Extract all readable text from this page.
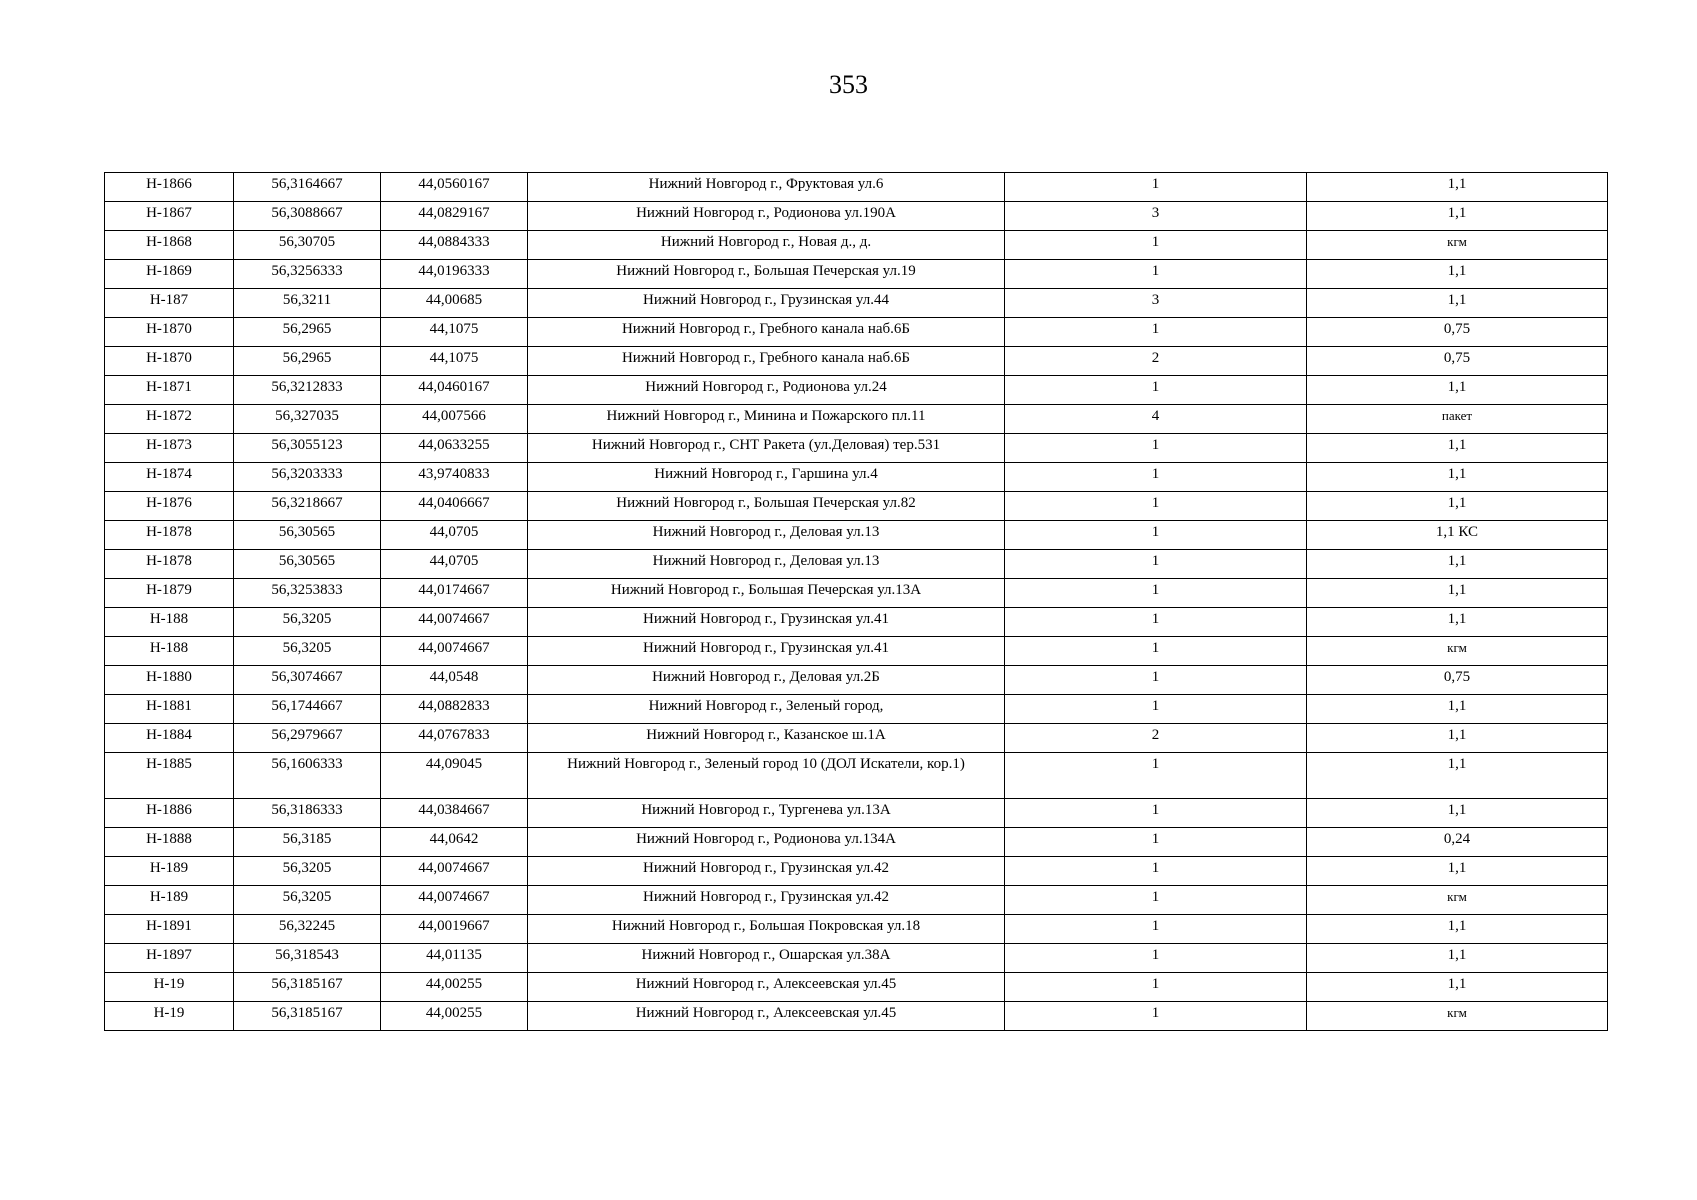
353
Н-1866	56,3164667	44,0560167	Нижний Новгород г., Фруктовая ул.6	1	1,1
Н-1867	56,3088667	44,0829167	Нижний Новгород г., Родионова ул.190А	3	1,1
Н-1868	56,30705	44,0884333	Нижний Новгород г., Новая д., д.	1	кгм
Н-1869	56,3256333	44,0196333	Нижний Новгород г., Большая Печерская ул.19	1	1,1
Н-187	56,3211	44,00685	Нижний Новгород г., Грузинская ул.44	3	1,1
Н-1870	56,2965	44,1075	Нижний Новгород г., Гребного канала наб.6Б	1	0,75
Н-1870	56,2965	44,1075	Нижний Новгород г., Гребного канала наб.6Б	2	0,75
Н-1871	56,3212833	44,0460167	Нижний Новгород г., Родионова ул.24	1	1,1
Н-1872	56,327035	44,007566	Нижний Новгород г., Минина и Пожарского пл.11	4	пакет
Н-1873	56,3055123	44,0633255	Нижний Новгород г., СНТ Ракета (ул.Деловая) тер.531	1	1,1
Н-1874	56,3203333	43,9740833	Нижний Новгород г., Гаршина ул.4	1	1,1
Н-1876	56,3218667	44,0406667	Нижний Новгород г., Большая Печерская ул.82	1	1,1
Н-1878	56,30565	44,0705	Нижний Новгород г., Деловая ул.13	1	1,1 КС
Н-1878	56,30565	44,0705	Нижний Новгород г., Деловая ул.13	1	1,1
Н-1879	56,3253833	44,0174667	Нижний Новгород г., Большая Печерская ул.13А	1	1,1
Н-188	56,3205	44,0074667	Нижний Новгород г., Грузинская ул.41	1	1,1
Н-188	56,3205	44,0074667	Нижний Новгород г., Грузинская ул.41	1	кгм
Н-1880	56,3074667	44,0548	Нижний Новгород г., Деловая ул.2Б	1	0,75
Н-1881	56,1744667	44,0882833	Нижний Новгород г., Зеленый город,	1	1,1
Н-1884	56,2979667	44,0767833	Нижний Новгород г., Казанское ш.1А	2	1,1
Н-1885	56,1606333	44,09045	Нижний Новгород г., Зеленый город 10 (ДОЛ Искатели, кор.1)	1	1,1
Н-1886	56,3186333	44,0384667	Нижний Новгород г., Тургенева ул.13А	1	1,1
Н-1888	56,3185	44,0642	Нижний Новгород г., Родионова ул.134А	1	0,24
Н-189	56,3205	44,0074667	Нижний Новгород г., Грузинская ул.42	1	1,1
Н-189	56,3205	44,0074667	Нижний Новгород г., Грузинская ул.42	1	кгм
Н-1891	56,32245	44,0019667	Нижний Новгород г., Большая Покровская ул.18	1	1,1
Н-1897	56,318543	44,01135	Нижний Новгород г., Ошарская ул.38А	1	1,1
Н-19	56,3185167	44,00255	Нижний Новгород г., Алексеевская ул.45	1	1,1
Н-19	56,3185167	44,00255	Нижний Новгород г., Алексеевская ул.45	1	кгм
